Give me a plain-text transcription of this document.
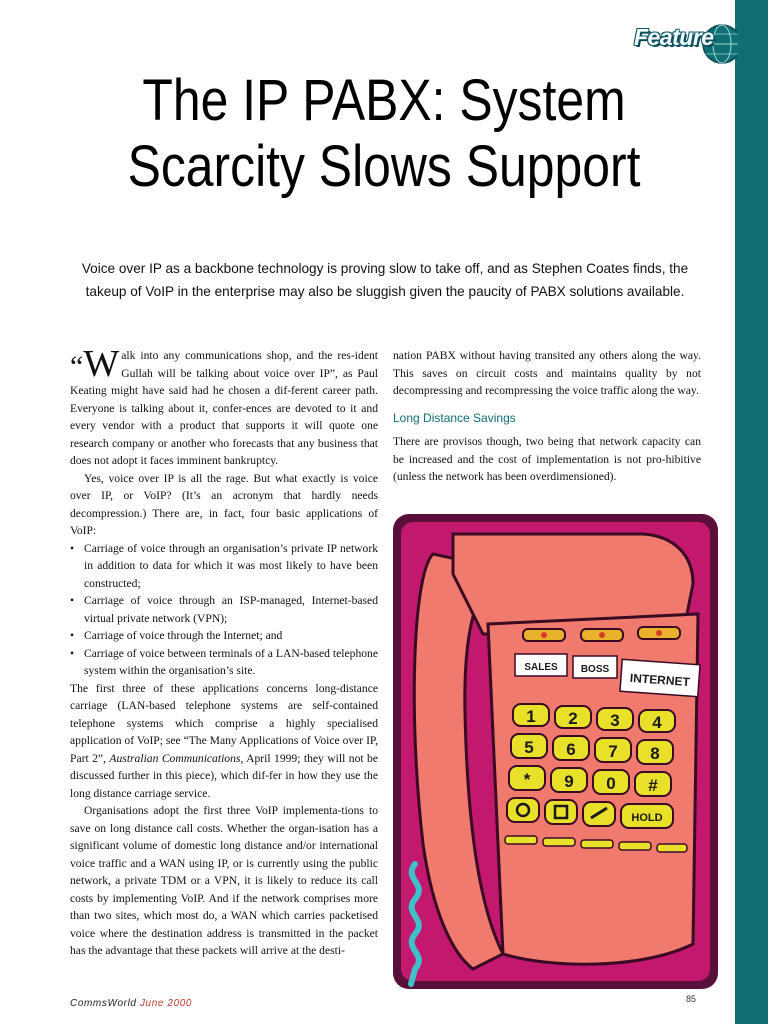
Feature
The IP PABX: System
Scarcity Slows Support
Voice over IP as a backbone technology is proving slow to take off, and as Stephen Coates finds, the
takeup of VoIP in the enterprise may also be sluggish given the paucity of PABX solutions available.

“W alk into any communications shop, and the res-ident Gullah will be talking about voice over IP”, as Paul Keating might have said had he chosen a dif-ferent career path. Everyone is talking about it, confer-ences are devoted to it and every vendor with a product that supports it will quote one research company or another who forecasts that any business that does not adopt it faces imminent bankruptcy.

Yes, voice over IP is all the rage. But what exactly is voice over IP, or VoIP? (It’s an acronym that hardly needs decompression.) There are, in fact, four basic applications of VoIP:

• Carriage of voice through an organisation’s private IP network in addition to data for which it was most likely to have been constructed;
• Carriage of voice through an ISP-managed, Internet-based virtual private network (VPN);
• Carriage of voice through the Internet; and
• Carriage of voice between terminals of a LAN-based telephone system within the organisation’s site.

The first three of these applications concerns long-distance carriage (LAN-based telephone systems are self-contained telephone systems which comprise a highly specialised application of VoIP; see “The Many Applications of Voice over IP, Part 2”, Australian Communications, April 1999; they will not be discussed further in this piece), which dif-fer in how they use the long distance carriage service.

Organisations adopt the first three VoIP implementa-tions to save on long distance call costs. Whether the organ-isation has a significant volume of domestic long distance and/or international voice traffic and a WAN using IP, or is currently using the public network, a private TDM or a VPN, it is likely to reduce its call costs by implementing VoIP. And if the network comprises more than two sites, which most do, a WAN which carries packetised voice where the destination address is transmitted in the packet has the advantage that these packets will arrive at the desti-

nation PABX without having transited any others along the way. This saves on circuit costs and maintains quality by not decompressing and recompressing the voice traffic along the way.

Long Distance Savings

There are provisos though, two being that network capacity can be increased and the cost of implementation is not pro-hibitive (unless the network has been overdimensioned).

SALES BOSS
INTERNET
1 2 3 4
5 6 7 8
* 9 0 #
HOLD
CommsWorld June 2000	85
